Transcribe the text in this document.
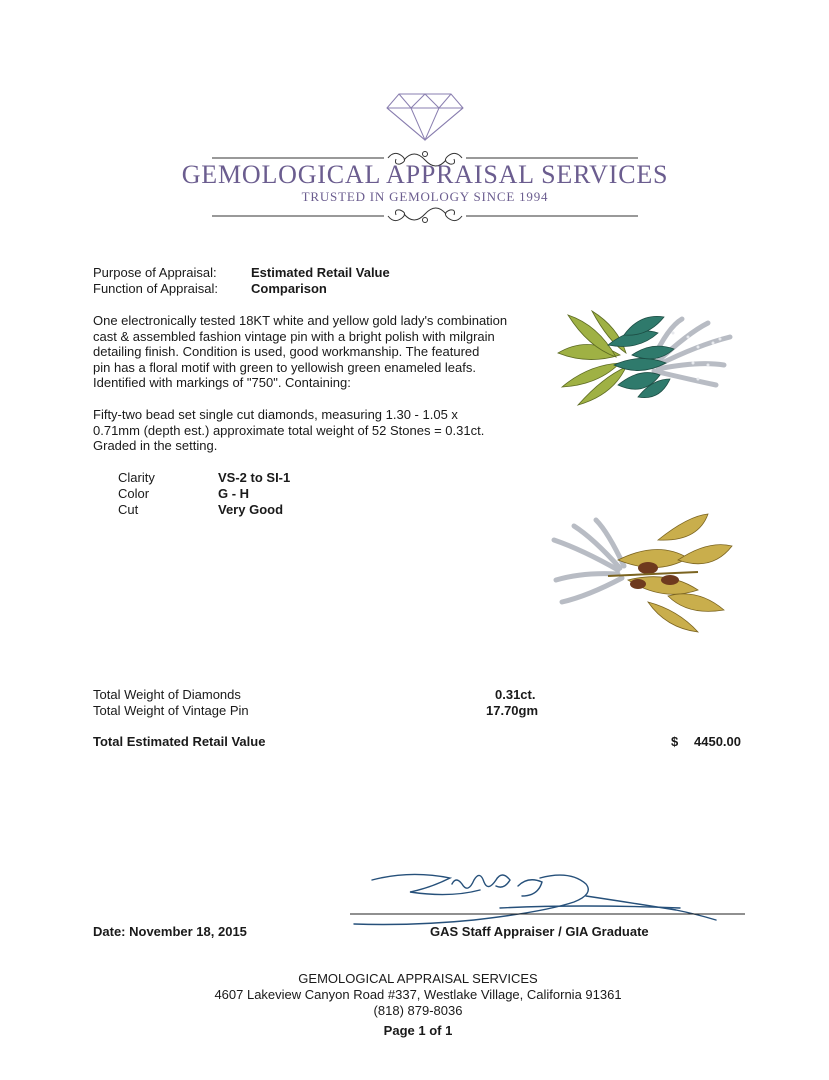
GEMOLOGICAL APPRAISAL SERVICES
TRUSTED IN GEMOLOGY SINCE 1994
Purpose of Appraisal:	Estimated Retail Value
Function of Appraisal:	Comparison
One electronically tested 18KT white and yellow gold lady's combination
cast & assembled fashion vintage pin with a bright polish with milgrain
detailing finish. Condition is used, good workmanship. The featured
pin has a floral motif with green to yellowish green enameled leafs.
Identified with markings of "750". Containing:
Fifty-two bead set single cut diamonds, measuring 1.30 - 1.05 x
0.71mm (depth est.) approximate total weight of 52 Stones = 0.31ct.
Graded in the setting.
Clarity	VS-2 to SI-1
Color	G - H
Cut	Very Good
Total Weight of Diamonds	0.31ct.
Total Weight of Vintage Pin	17.70gm
Total Estimated Retail Value	$ 4450.00
Date: November 18, 2015	GAS Staff Appraiser / GIA Graduate
GEMOLOGICAL APPRAISAL SERVICES
4607 Lakeview Canyon Road #337, Westlake Village, California 91361
(818) 879-8036
Page 1 of 1
